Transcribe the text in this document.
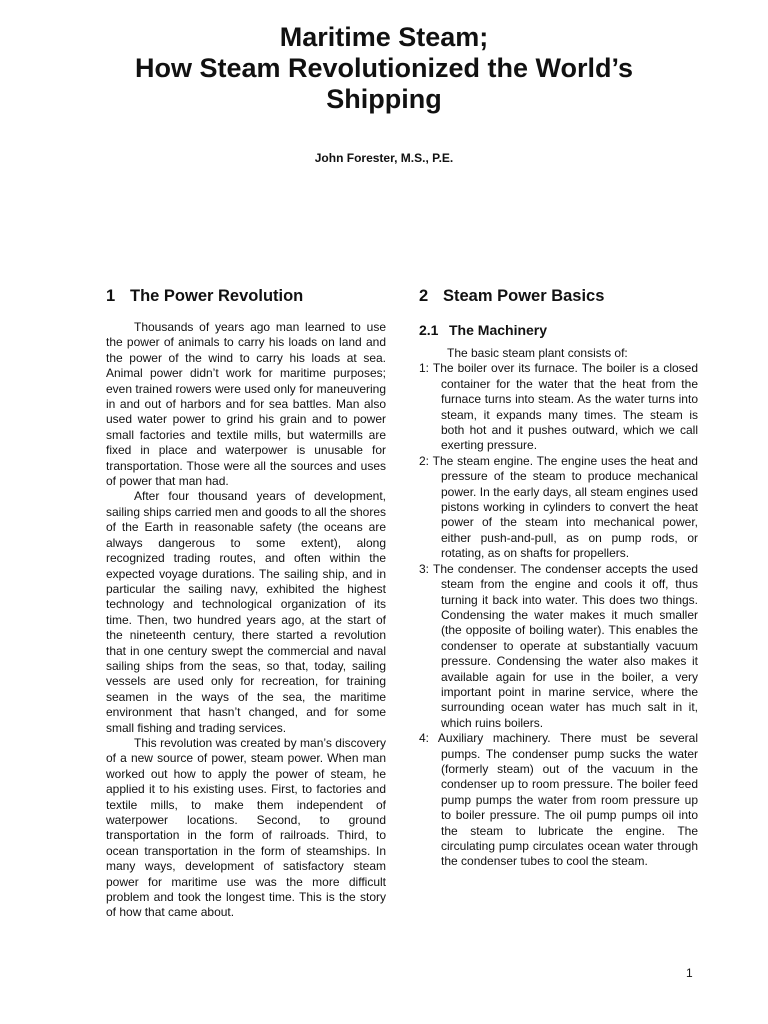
Maritime Steam;
How Steam Revolutionized the World’s
Shipping
John Forester, M.S., P.E.
1 The Power Revolution

Thousands of years ago man learned to use the power of animals to carry his loads on land and the power of the wind to carry his loads at sea. Animal power didn’t work for maritime purposes; even trained rowers were used only for maneuvering in and out of harbors and for sea battles. Man also used water power to grind his grain and to power small factories and textile mills, but watermills are fixed in place and waterpower is unusable for transportation. Those were all the sources and uses of power that man had.

After four thousand years of development, sailing ships carried men and goods to all the shores of the Earth in reasonable safety (the oceans are always dangerous to some extent), along recognized trading routes, and often within the expected voyage durations. The sailing ship, and in particular the sailing navy, exhibited the highest technology and technological organization of its time. Then, two hundred years ago, at the start of the nineteenth century, there started a revolution that in one century swept the commercial and naval sailing ships from the seas, so that, today, sailing vessels are used only for recreation, for training seamen in the ways of the sea, the maritime environment that hasn’t changed, and for some small fishing and trading services.

This revolution was created by man’s discovery of a new source of power, steam power. When man worked out how to apply the power of steam, he applied it to his existing uses. First, to factories and textile mills, to make them independent of waterpower locations. Second, to ground transportation in the form of railroads. Third, to ocean transportation in the form of steamships. In many ways, development of satisfactory steam power for maritime use was the more difficult problem and took the longest time. This is the story of how that came about.

2 Steam Power Basics
2.1 The Machinery

The basic steam plant consists of:

1: The boiler over its furnace. The boiler is a closed container for the water that the heat from the furnace turns into steam. As the water turns into steam, it expands many times. The steam is both hot and it pushes outward, which we call exerting pressure.
2: The steam engine. The engine uses the heat and pressure of the steam to produce mechanical power. In the early days, all steam engines used pistons working in cylinders to convert the heat power of the steam into mechanical power, either push-and-pull, as on pump rods, or rotating, as on shafts for propellers.
3: The condenser. The condenser accepts the used steam from the engine and cools it off, thus turning it back into water. This does two things. Condensing the water makes it much smaller (the opposite of boiling water). This enables the condenser to operate at substantially vacuum pressure. Condensing the water also makes it available again for use in the boiler, a very important point in marine service, where the surrounding ocean water has much salt in it, which ruins boilers.
4: Auxiliary machinery. There must be several pumps. The condenser pump sucks the water (formerly steam) out of the vacuum in the condenser up to room pressure. The boiler feed pump pumps the water from room pressure up to boiler pressure. The oil pump pumps oil into the steam to lubricate the engine. The circulating pump circulates ocean water through the condenser tubes to cool the steam.
1
